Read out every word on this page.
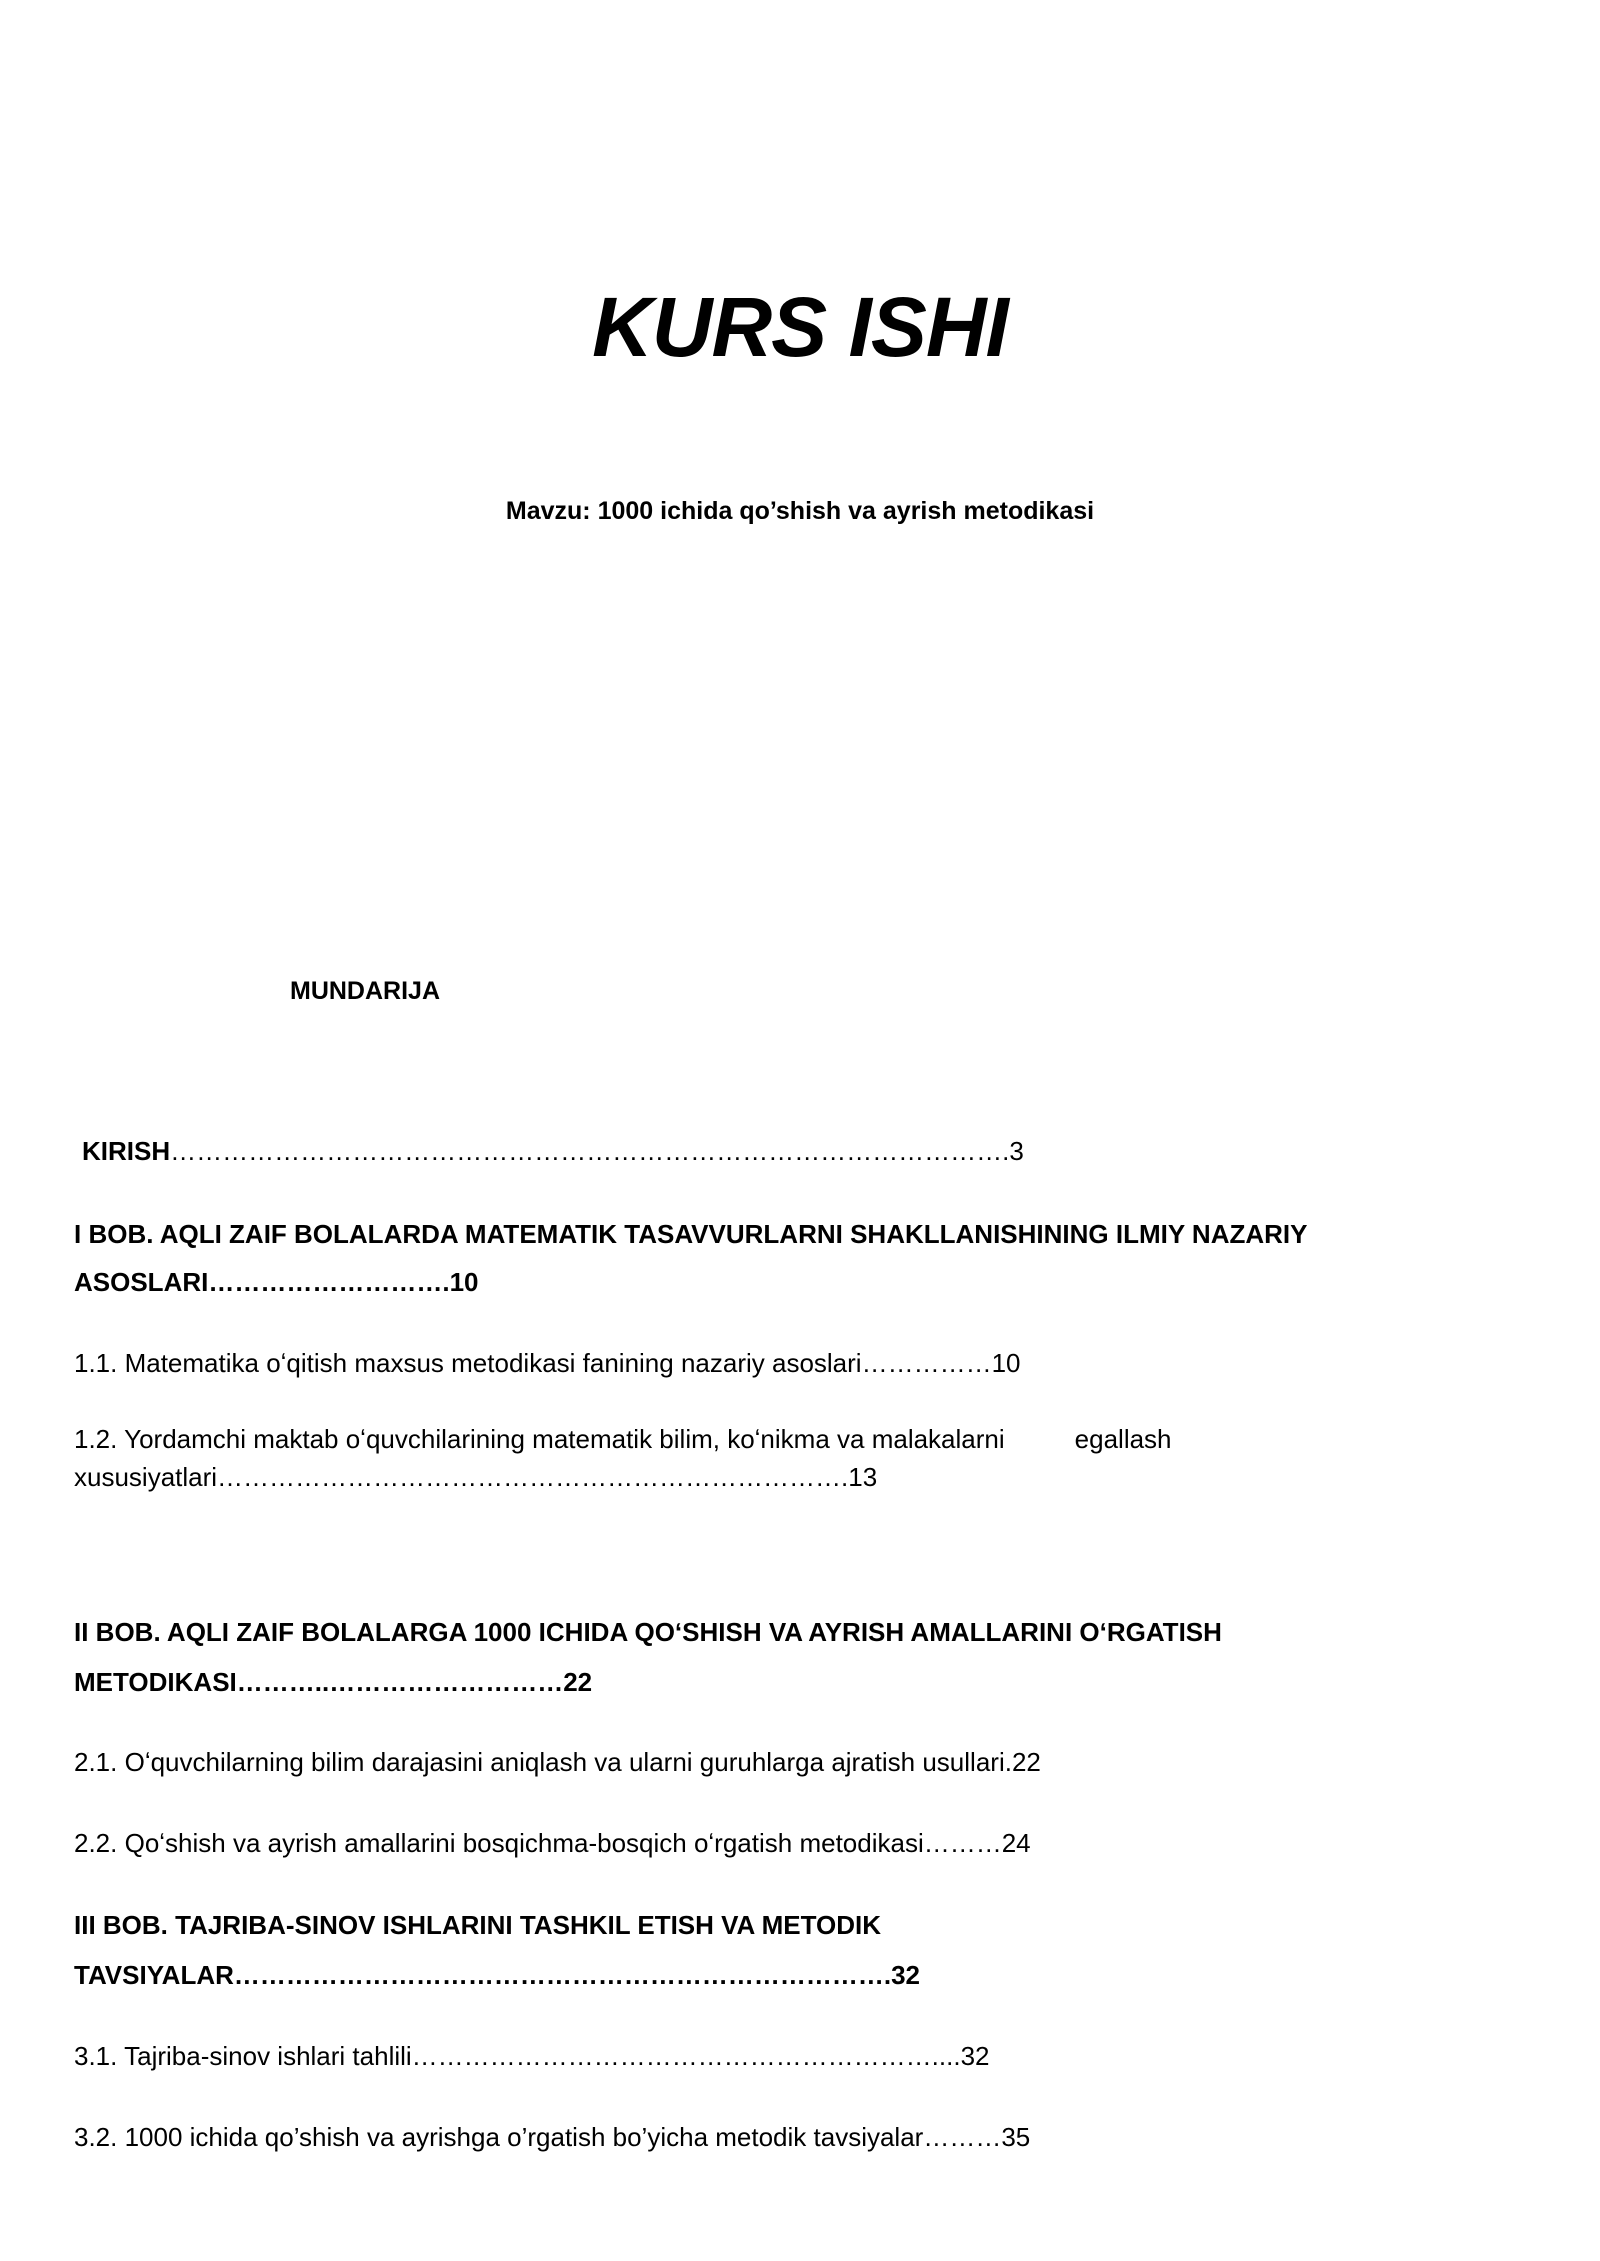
KURS ISHI
Mavzu: 1000 ichida qo’shish va ayrish metodikasi
MUNDARIJA
KIRISH…………………………………………………………………………………….3
I BOB. AQLI ZAIF BOLALARDA MATEMATIK TASAVVURLARNI SHAKLLANISHINING ILMIY NAZARIY
ASOSLARI……………………….10
1.1. Matematika oʻqitish maxsus metodikasi fanining nazariy asoslari……………10
1.2. Yordamchi maktab oʻquvchilarining matematik bilim, koʻnikma va malakalarni	egallash
xususiyatlari……………………………………………………………….13
II BOB. AQLI ZAIF BOLALARGA 1000 ICHIDA QOʻSHISH VA AYRISH AMALLARINI OʻRGATISH
METODIKASI………..………………………22
2.1. Oʻquvchilarning bilim darajasini aniqlash va ularni guruhlarga ajratish usullari.22
2.2. Qoʻshish va ayrish amallarini bosqichma-bosqich oʻrgatish metodikasi………24
III BOB. TAJRIBA-SINOV ISHLARINI TASHKIL ETISH VA METODIK
TAVSIYALAR………………………………………………………………….32
3.1. Tajriba-sinov ishlari tahlili……………………………………………………....32
3.2. 1000 ichida qo’shish va ayrishga o’rgatish bo’yicha metodik tavsiyalar………35
